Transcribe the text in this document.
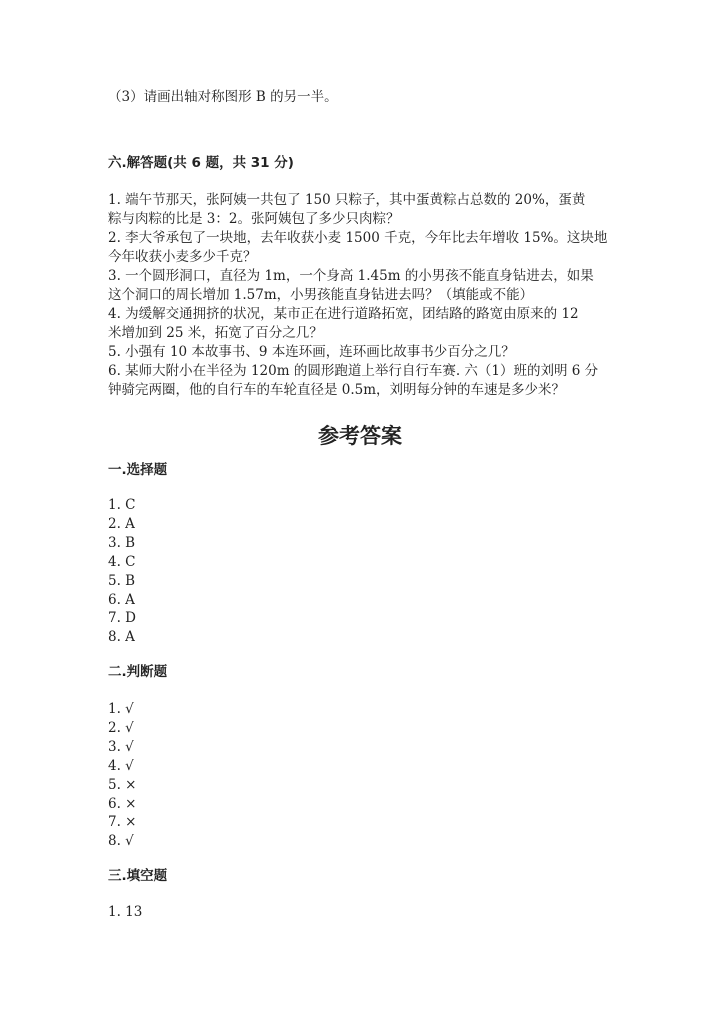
（3）请画出轴对称图形 B 的另一半。
六.解答题(共 6 题，共 31 分)
1. 端午节那天，张阿姨一共包了 150 只粽子，其中蛋黄粽占总数的 20%，蛋黄
粽与肉粽的比是 3：2。张阿姨包了多少只肉粽？
2. 李大爷承包了一块地，去年收获小麦 1500 千克，今年比去年增收 15%。这块地
今年收获小麦多少千克？
3. 一个圆形洞口，直径为 1m，一个身高 1.45m 的小男孩不能直身钻进去，如果
这个洞口的周长增加 1.57m，小男孩能直身钻进去吗？（填能或不能）
4. 为缓解交通拥挤的状况，某市正在进行道路拓宽，团结路的路宽由原来的 12
米增加到 25 米，拓宽了百分之几？
5. 小强有 10 本故事书、9 本连环画，连环画比故事书少百分之几？
6. 某师大附小在半径为 120m 的圆形跑道上举行自行车赛. 六（1）班的刘明 6 分
钟骑完两圈，他的自行车的车轮直径是 0.5m，刘明每分钟的车速是多少米？
参考答案
一.选择题
1. C
2. A
3. B
4. C
5. B
6. A
7. D
8. A
二.判断题
1. √
2. √
3. √
4. √
5. ×
6. ×
7. ×
8. √
三.填空题
1. 13
